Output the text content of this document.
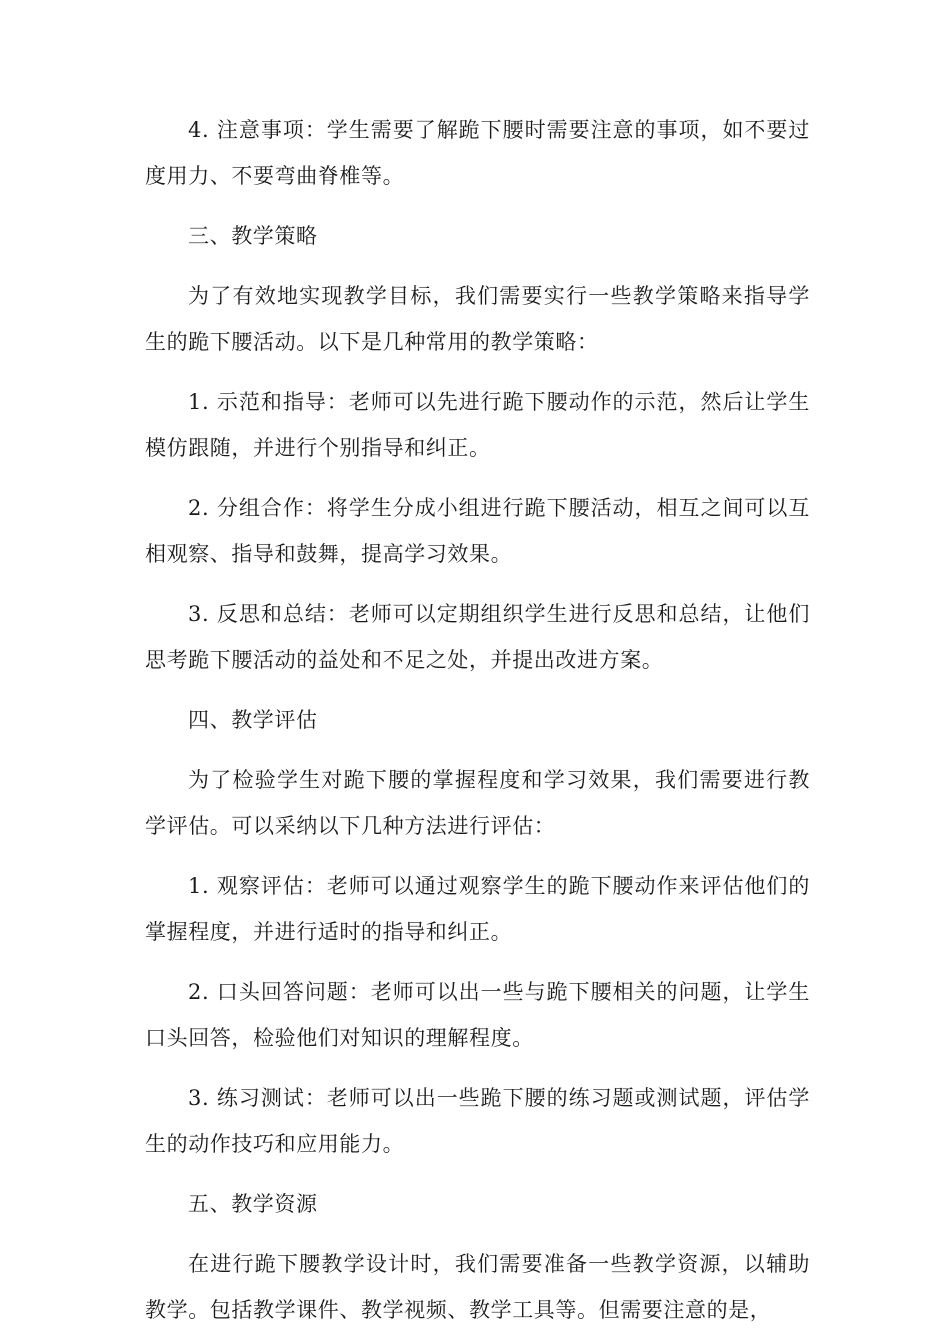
4. 注意事项：学生需要了解跪下腰时需要注意的事项，如不要过度用力、不要弯曲脊椎等。

三、教学策略

为了有效地实现教学目标，我们需要实行一些教学策略来指导学生的跪下腰活动。以下是几种常用的教学策略：

1. 示范和指导：老师可以先进行跪下腰动作的示范，然后让学生模仿跟随，并进行个别指导和纠正。

2. 分组合作：将学生分成小组进行跪下腰活动，相互之间可以互相观察、指导和鼓舞，提高学习效果。

3. 反思和总结：老师可以定期组织学生进行反思和总结，让他们思考跪下腰活动的益处和不足之处，并提出改进方案。

四、教学评估

为了检验学生对跪下腰的掌握程度和学习效果，我们需要进行教学评估。可以采纳以下几种方法进行评估：

1. 观察评估：老师可以通过观察学生的跪下腰动作来评估他们的掌握程度，并进行适时的指导和纠正。

2. 口头回答问题：老师可以出一些与跪下腰相关的问题，让学生口头回答，检验他们对知识的理解程度。

3. 练习测试：老师可以出一些跪下腰的练习题或测试题，评估学生的动作技巧和应用能力。

五、教学资源

在进行跪下腰教学设计时，我们需要准备一些教学资源，以辅助教学。包括教学课件、教学视频、教学工具等。但需要注意的是，
